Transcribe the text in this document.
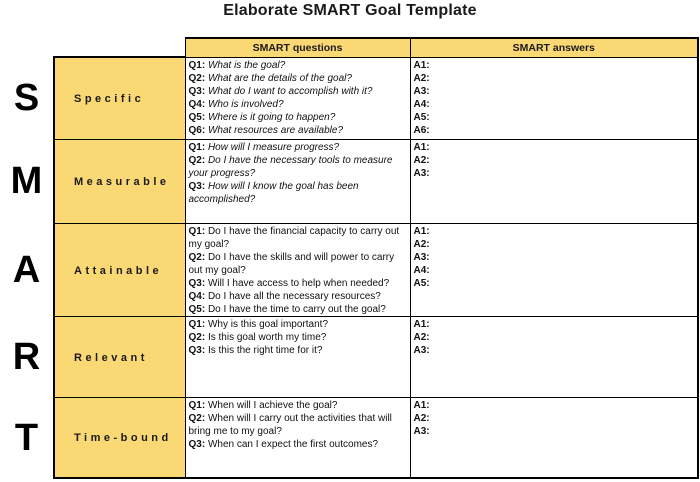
Elaborate SMART Goal Template
		SMART questions	SMART answers
S	Specific	
Q1: What is the goal?
Q2: What are the details of the goal?
Q3: What do I want to accomplish with it?
Q4: Who is involved?
Q5: Where is it going to happen?
Q6: What resources are available?

A1:
A2:
A3:
A4:
A5:
A6:

M	Measurable	
Q1: How will I measure progress?
Q2: Do I have the necessary tools to measure your progress?
Q3: How will I know the goal has been accomplished?

A1:
A2:
A3:

A	Attainable	
Q1: Do I have the financial capacity to carry out my goal?
Q2: Do I have the skills and will power to carry out my goal?
Q3: Will I have access to help when needed?
Q4: Do I have all the necessary resources?
Q5: Do I have the time to carry out the goal?

A1:
A2:
A3:
A4:
A5:

R	Relevant	
Q1: Why is this goal important?
Q2: Is this goal worth my time?
Q3: Is this the right time for it?

A1:
A2:
A3:

T	Time-bound	
Q1: When will I achieve the goal?
Q2: When will I carry out the activities that will bring me to my goal?
Q3: When can I expect the first outcomes?

A1:
A2:
A3:
